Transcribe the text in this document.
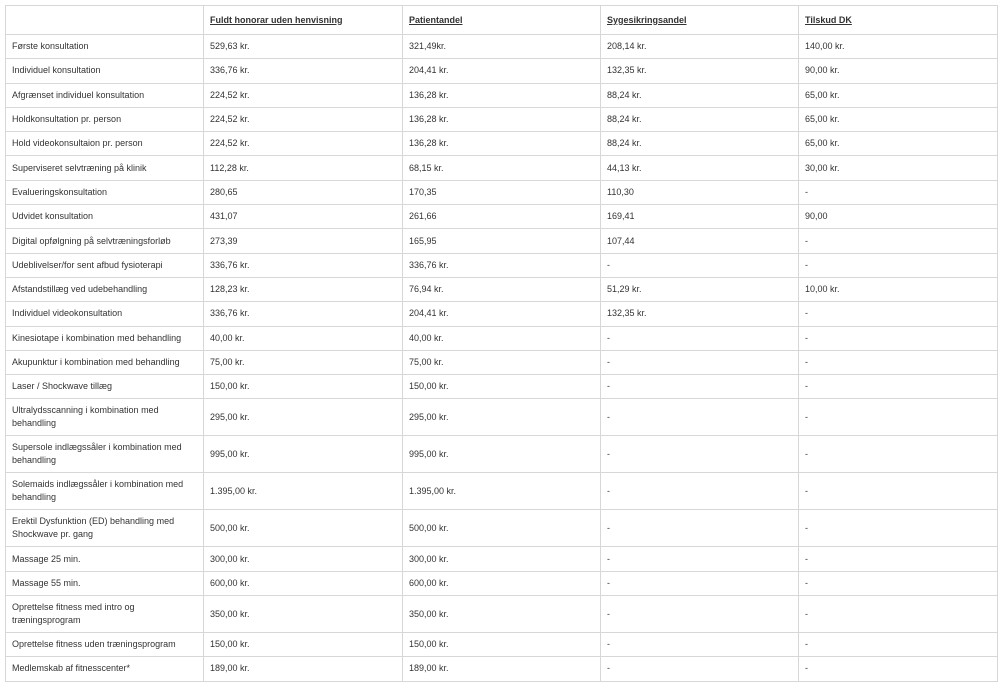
	Fuldt honorar uden henvisning	Patientandel	Sygesikringsandel	Tilskud DK
Første konsultation	529,63 kr.	321,49kr.	208,14 kr.	140,00 kr.
Individuel konsultation	336,76 kr.	204,41 kr.	132,35 kr.	90,00 kr.
Afgrænset individuel konsultation	224,52 kr.	136,28 kr.	88,24 kr.	65,00 kr.
Holdkonsultation pr. person	224,52 kr.	136,28 kr.	88,24 kr.	65,00 kr.
Hold videokonsultaion pr. person	224,52 kr.	136,28 kr.	88,24 kr.	65,00 kr.
Superviseret selvtræning på klinik	112,28 kr.	68,15 kr.	44,13 kr.	30,00 kr.
Evalueringskonsultation	280,65	170,35	110,30	-
Udvidet konsultation	431,07	261,66	169,41	90,00
Digital opfølgning på selvtræningsforløb	273,39	165,95	107,44	-
Udeblivelser/for sent afbud fysioterapi	336,76 kr.	336,76 kr.	-	-
Afstandstillæg ved udebehandling	128,23 kr.	76,94 kr.	51,29 kr.	10,00 kr.
Individuel videokonsultation	336,76 kr.	204,41 kr.	132,35 kr.	-
Kinesiotape i kombination med behandling	40,00 kr.	40,00 kr.	-	-
Akupunktur i kombination med behandling	75,00 kr.	75,00 kr.	-	-
Laser / Shockwave tillæg	150,00 kr.	150,00 kr.	-	-
Ultralydsscanning i kombination med behandling	295,00 kr.	295,00 kr.	-	-
Supersole indlægssåler i kombination med behandling	995,00 kr.	995,00 kr.	-	-
Solemaids indlægssåler i kombination med behandling	1.395,00 kr.	1.395,00 kr.	-	-
Erektil Dysfunktion (ED) behandling med Shockwave pr. gang	500,00 kr.	500,00 kr.	-	-
Massage 25 min.	300,00 kr.	300,00 kr.	-	-
Massage 55 min.	600,00 kr.	600,00 kr.	-	-
Oprettelse fitness med intro og træningsprogram	350,00 kr.	350,00 kr.	-	-
Oprettelse fitness uden træningsprogram	150,00 kr.	150,00 kr.	-	-
Medlemskab af fitnesscenter*	189,00 kr.	189,00 kr.	-	-
